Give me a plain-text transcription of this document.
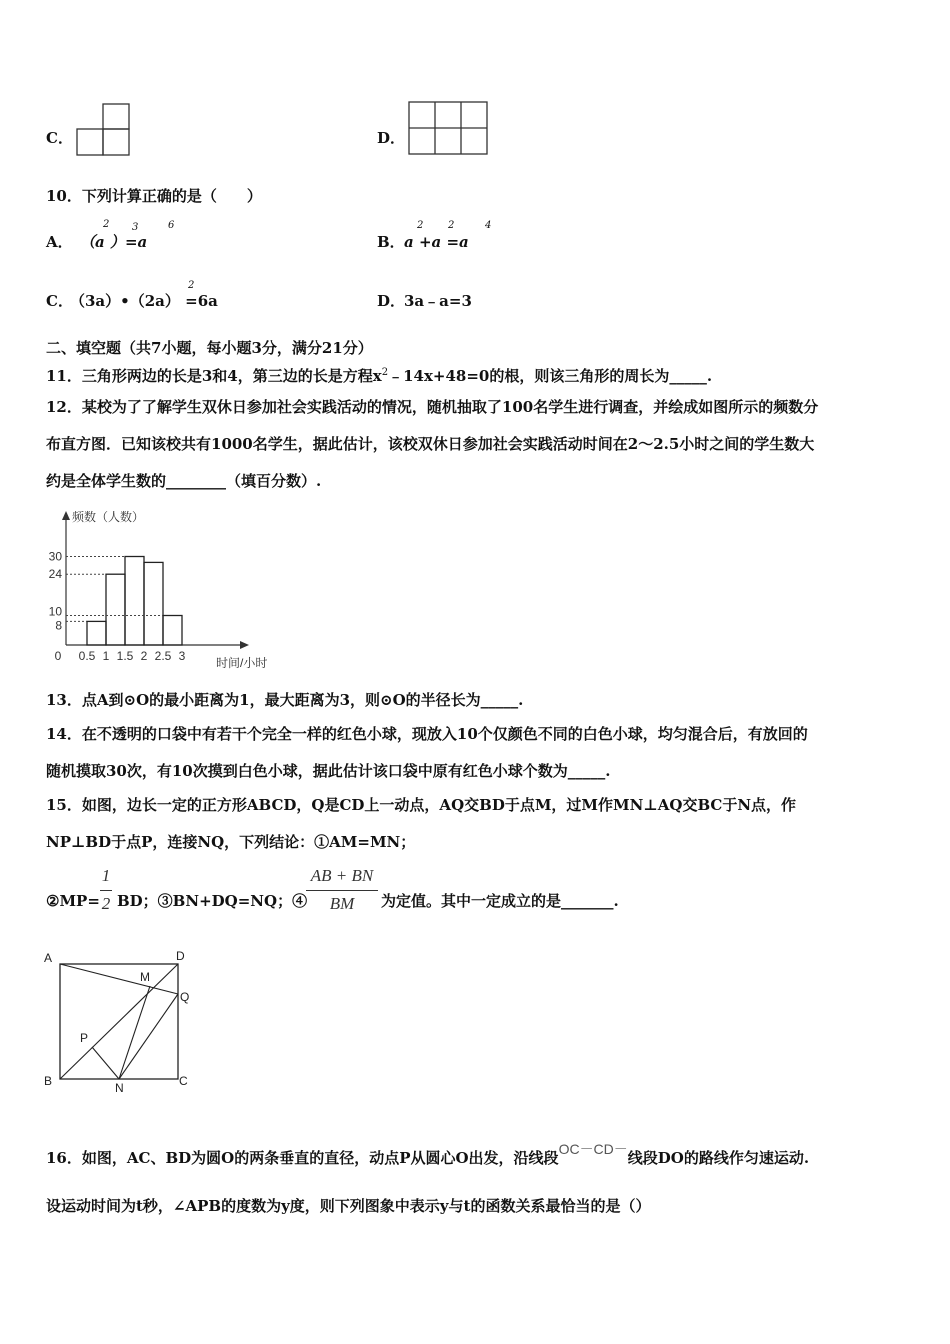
C．	D．
10．下列计算正确的是（　　）
A． （a ）=a
2 3	6
B． a +a =a
2 2	4
C．
（3a）•（2a） =6a
2
D．
3a﹣a=3
二、填空题（共7小题，每小题3分，满分21分）
11．三角形两边的长是3和4，第三边的长是方程$x^2﹣14x+48=0$的根，则该三角形的周长为_____.
12．某校为了了解学生双休日参加社会实践活动的情况，随机抽取了100名学生进行调查，并绘成如图所示的频数分
布直方图．已知该校共有1000名学生，据此估计，该校双休日参加社会实践活动时间在2～2.5小时之间的学生数大
约是全体学生数的________（填百分数）.
频数（人数）
时间/小时
8
10
24
30
0 0.5 1 1.5 2 2.5 3
13．点A到⊙O的最小距离为1，最大距离为3，则⊙O的半径长为_____.
14．在不透明的口袋中有若干个完全一样的红色小球，现放入10个仅颜色不同的白色小球，均匀混合后，有放回的
随机摸取30次，有10次摸到白色小球，据此估计该口袋中原有红色小球个数为_____.
15．如图，边长一定的正方形ABCD，Q是CD上一动点，AQ交BD于点M，过M作MN⊥AQ交BC于N点，作
NP⊥BD于点P，连接NQ，下列结论：①AM=MN；
②MP=
1
2 BD；③BN+DQ=NQ；④
AB + BN
BM	为定值。其中一定成立的是_______.
A	D
M
Q
P
B	N	C
16．如图，AC、BD为圆O的两条垂直的直径，动点P从圆心O出发，沿线段OC－CD－线段DO的路线作匀速运动.
设运动时间为t秒，∠APB的度数为y度，则下列图象中表示y与t的函数关系最恰当的是（）
